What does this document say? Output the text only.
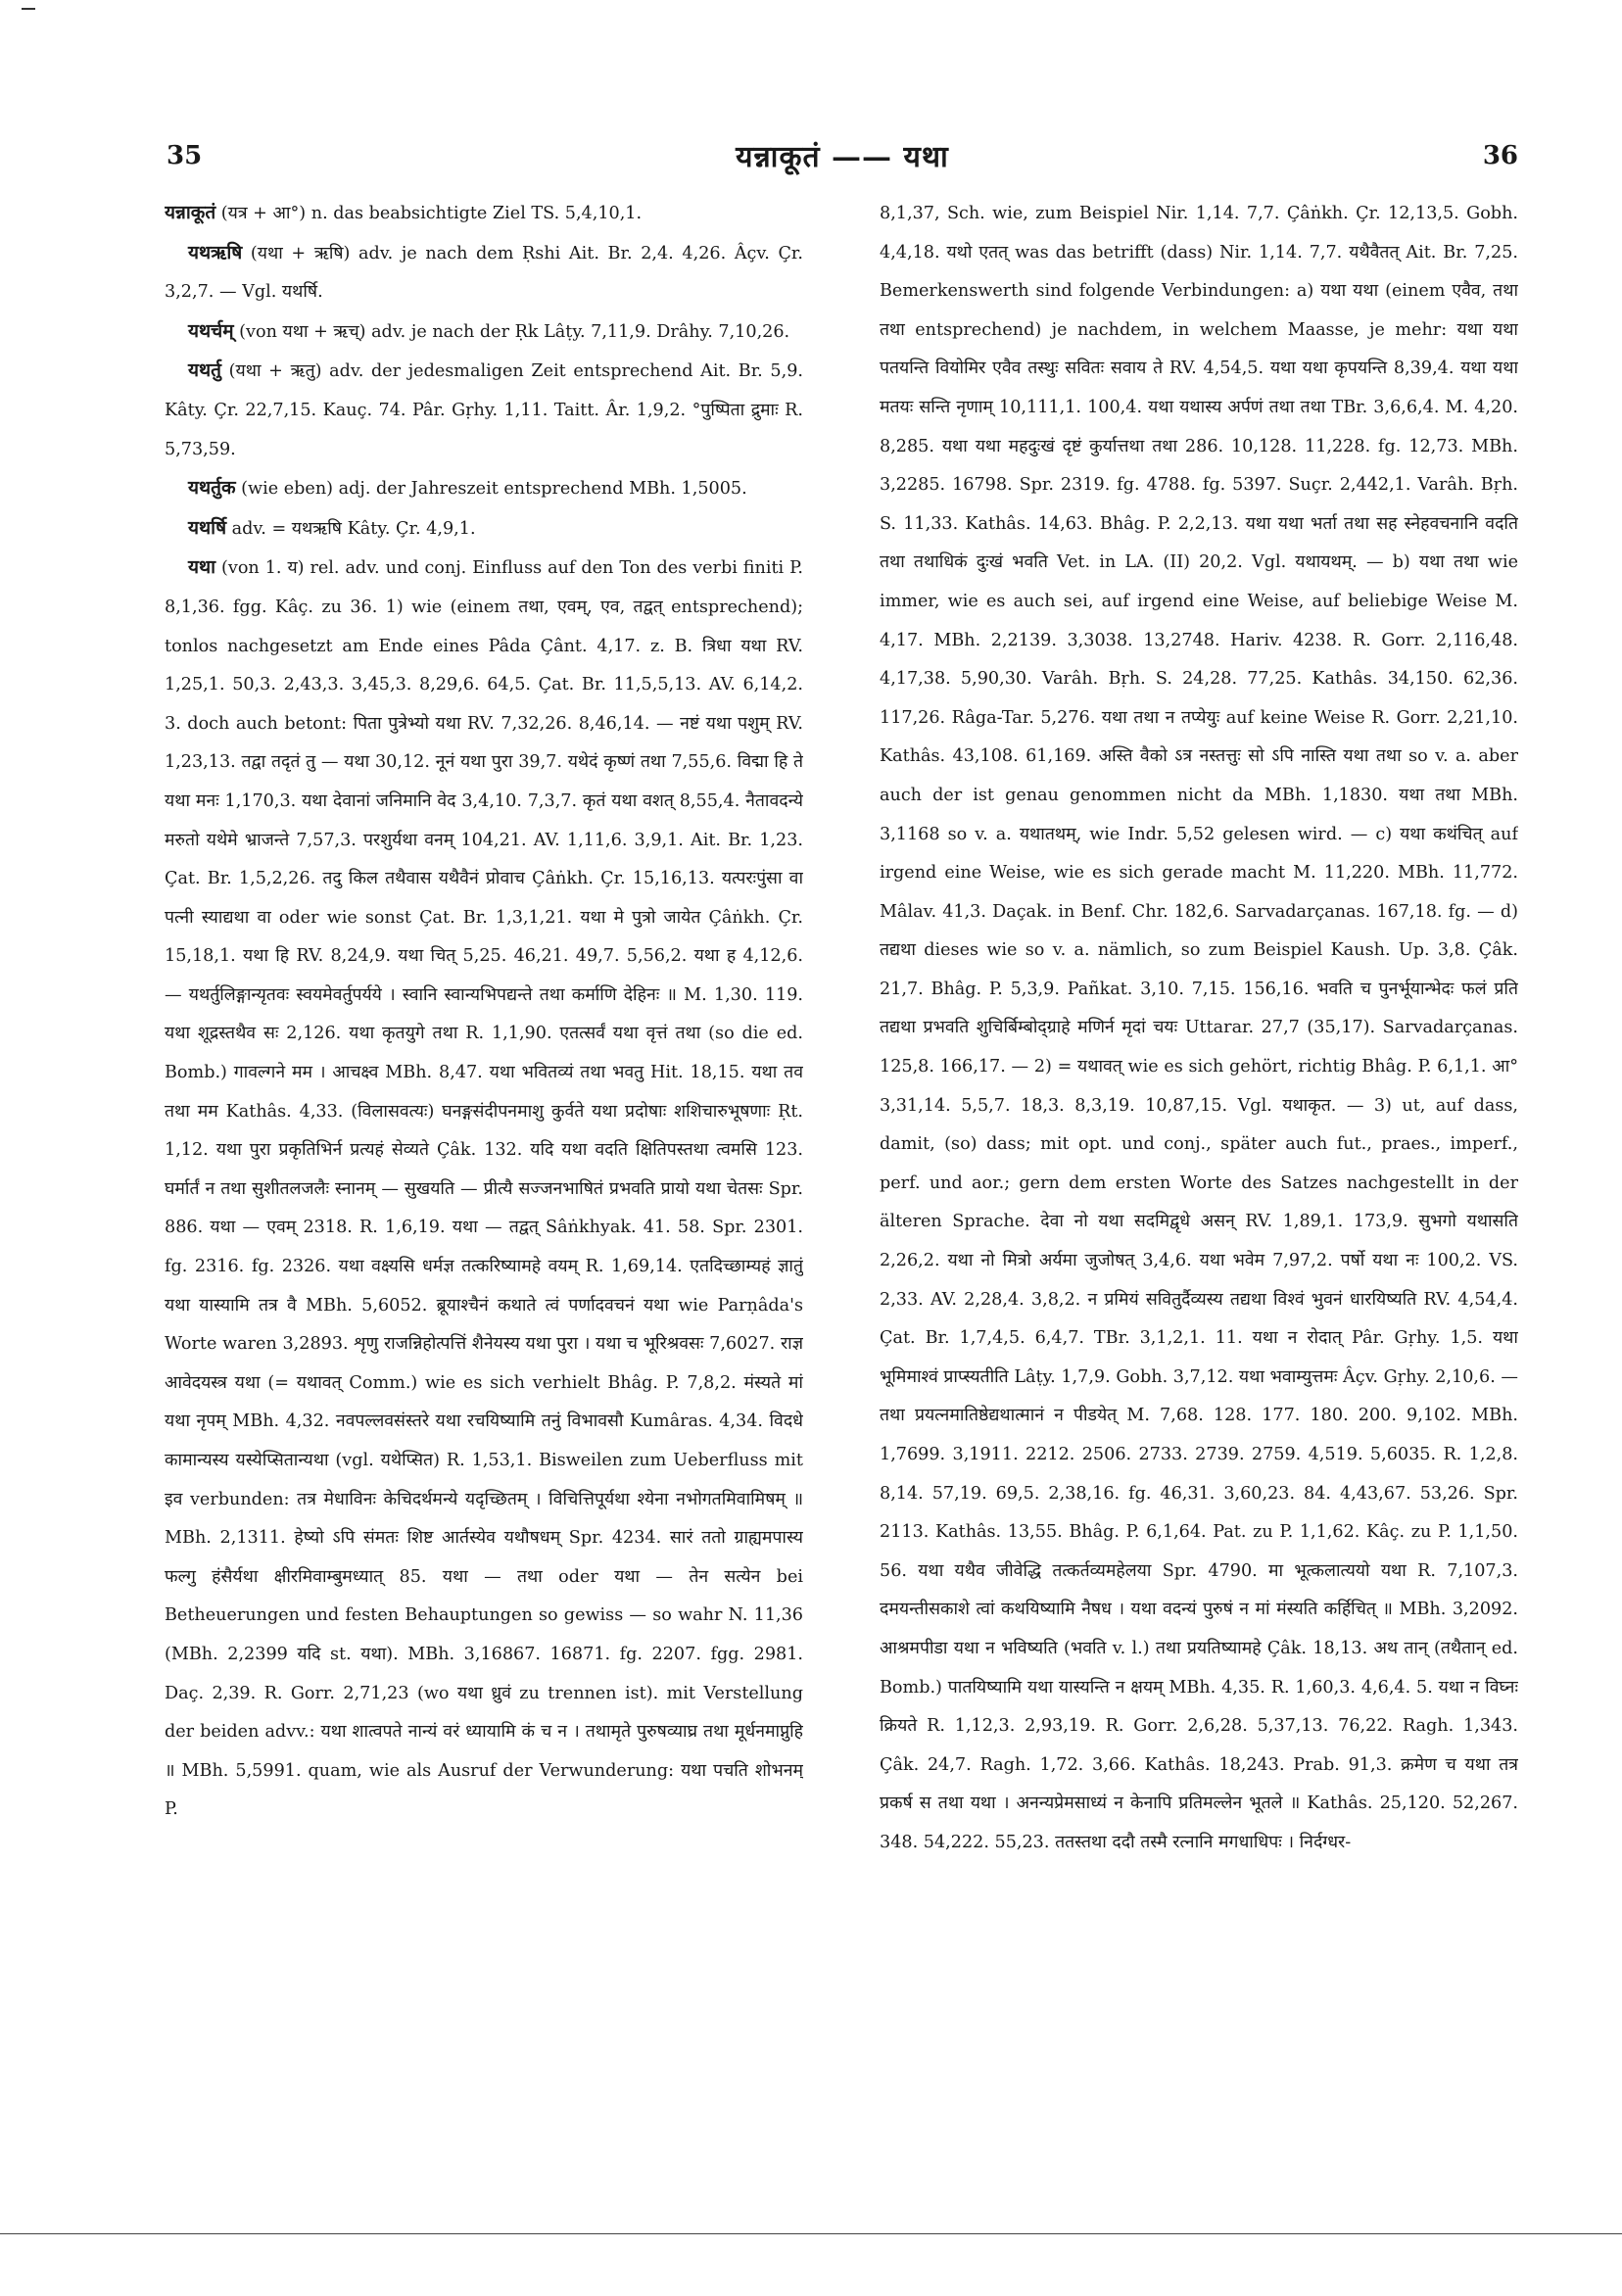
35	यन्नाकूतं —— यथा	36

यन्नाकूतं (यत्र + आ°) n. das beabsichtigte Ziel TS. 5,4,10,1.

यथऋषि (यथा + ऋषि) adv. je nach dem Ṛshi Ait. Br. 2,4. 4,26. Âçv. Çr. 3,2,7. — Vgl. यथर्षि.

यथर्चम् (von यथा + ऋच्) adv. je nach der Ṛk Lâṭy. 7,11,9. Drâhy. 7,10,26.

यथर्तु (यथा + ऋतु) adv. der jedesmaligen Zeit entsprechend Ait. Br. 5,9. Kâty. Çr. 22,7,15. Kauç. 74. Pâr. Gṛhy. 1,11. Taitt. Âr. 1,9,2. °पुष्पिता द्रुमाः R. 5,73,59.

यथर्तुक (wie eben) adj. der Jahreszeit entsprechend MBh. 1,5005.

यथर्षि adv. = यथऋषि Kâty. Çr. 4,9,1.

यथा (von 1. य) rel. adv. und conj. Einfluss auf den Ton des verbi finiti P. 8,1,36. fgg. Kâç. zu 36. 1) wie (einem तथा, एवम्, एव, तद्वत् entsprechend); tonlos nachgesetzt am Ende eines Pâda Çânt. 4,17. z. B. त्रिधा यथा RV. 1,25,1. 50,3. 2,43,3. 3,45,3. 8,29,6. 64,5. Çat. Br. 11,5,5,13. AV. 6,14,2. 3. doch auch betont: पिता पुत्रेभ्यो यथा RV. 7,32,26. 8,46,14. — नष्टं यथा पशुम् RV. 1,23,13. तद्वा तदृतं तु — यथा 30,12. नूनं यथा पुरा 39,7. यथेदं कृष्णं तथा 7,55,6. विद्मा हि ते यथा मनः 1,170,3. यथा देवानां जनिमानि वेद 3,4,10. 7,3,7. कृतं यथा वशत् 8,55,4. नैतावदन्ये मरुतो यथेमे भ्राजन्ते 7,57,3. परशुर्यथा वनम् 104,21. AV. 1,11,6. 3,9,1. Ait. Br. 1,23. Çat. Br. 1,5,2,26. तदु किल तथैवास यथैवैनं प्रोवाच Çâṅkh. Çr. 15,16,13. यत्परःपुंसा वा पत्नी स्याद्यथा वा oder wie sonst Çat. Br. 1,3,1,21. यथा मे पुत्रो जायेत Çâṅkh. Çr. 15,18,1. यथा हि RV. 8,24,9. यथा चित् 5,25. 46,21. 49,7. 5,56,2. यथा ह 4,12,6. — यथर्तुलिङ्गान्यृतवः स्वयमेवर्तुपर्यये । स्वानि स्वान्यभिपद्यन्ते तथा कर्माणि देहिनः ॥ M. 1,30. 119. यथा शूद्रस्तथैव सः 2,126. यथा कृतयुगे तथा R. 1,1,90. एतत्सर्वं यथा वृत्तं तथा (so die ed. Bomb.) गावल्गने मम । आचक्ष्व MBh. 8,47. यथा भवितव्यं तथा भवतु Hit. 18,15. यथा तव तथा मम Kathâs. 4,33. (विलासवत्यः) घनङ्गसंदीपनमाशु कुर्वते यथा प्रदोषाः शशिचारुभूषणाः Ṛt. 1,12. यथा पुरा प्रकृतिभिर्न प्रत्यहं सेव्यते Çâk. 132. यदि यथा वदति क्षितिपस्तथा त्वमसि 123. घर्मार्तं न तथा सुशीतलजलैः स्नानम् — सुखयति — प्रीत्यै सज्जनभाषितं प्रभवति प्रायो यथा चेतसः Spr. 886. यथा — एवम् 2318. R. 1,6,19. यथा — तद्वत् Sâṅkhyak. 41. 58. Spr. 2301. fg. 2316. fg. 2326. यथा वक्ष्यसि धर्मज्ञ तत्करिष्यामहे वयम् R. 1,69,14. एतदिच्छाम्यहं ज्ञातुं यथा यास्यामि तत्र वै MBh. 5,6052. ब्रूयाश्चैनं कथाते त्वं पर्णादवचनं यथा wie Parṇâda's Worte waren 3,2893. शृणु राजन्निहोत्पत्तिं शैनेयस्य यथा पुरा । यथा च भूरिश्रवसः 7,6027. राज्ञ आवेदयस्त्र यथा (= यथावत् Comm.) wie es sich verhielt Bhâg. P. 7,8,2. मंस्यते मां यथा नृपम् MBh. 4,32. नवपल्लवसंस्तरे यथा रचयिष्यामि तनुं विभावसौ Kumâras. 4,34. विदधे कामान्यस्य यस्येप्सितान्यथा (vgl. यथेप्सित) R. 1,53,1. Bisweilen zum Ueberfluss mit इव verbunden: तत्र मेधाविनः केचिदर्थमन्ये यदृच्छितम् । विचित्तिपूर्यथा श्येना नभोगतमिवामिषम् ॥ MBh. 2,1311. हेष्यो ऽपि संमतः शिष्ट आर्तस्येव यथौषधम् Spr. 4234. सारं ततो ग्राह्यमपास्य फल्गु हंसैर्यथा क्षीरमिवाम्बुमध्यात् 85. यथा — तथा oder यथा — तेन सत्येन bei Betheuerungen und festen Behauptungen so gewiss — so wahr N. 11,36 (MBh. 2,2399 यदि st. यथा). MBh. 3,16867. 16871. fg. 2207. fgg. 2981. Daç. 2,39. R. Gorr. 2,71,23 (wo यथा ध्रुवं zu trennen ist). mit Verstellung der beiden advv.: यथा शात्वपते नान्यं वरं ध्यायामि कं च न । तथामृते पुरुषव्याघ्र तथा मूर्धनमाप्नुहि ॥ MBh. 5,5991. quam, wie als Ausruf der Verwunderung: यथा पचति शोभनम् P.

8,1,37, Sch. wie, zum Beispiel Nir. 1,14. 7,7. Çâṅkh. Çr. 12,13,5. Gobh. 4,4,18. यथो एतत् was das betrifft (dass) Nir. 1,14. 7,7. यथैवैतत् Ait. Br. 7,25. Bemerkenswerth sind folgende Verbindungen: a) यथा यथा (einem एवैव, तथा तथा entsprechend) je nachdem, in welchem Maasse, je mehr: यथा यथा पतयन्ति वियोमिर एवैव तस्थुः सवितः सवाय ते RV. 4,54,5. यथा यथा कृपयन्ति 8,39,4. यथा यथा मतयः सन्ति नृणाम् 10,111,1. 100,4. यथा यथास्य अर्पणं तथा तथा TBr. 3,6,6,4. M. 4,20. 8,285. यथा यथा महदुःखं दृष्टं कुर्यात्तथा तथा 286. 10,128. 11,228. fg. 12,73. MBh. 3,2285. 16798. Spr. 2319. fg. 4788. fg. 5397. Suçr. 2,442,1. Varâh. Bṛh. S. 11,33. Kathâs. 14,63. Bhâg. P. 2,2,13. यथा यथा भर्ता तथा सह स्नेहवचनानि वदति तथा तथाधिकं दुःखं भवति Vet. in LA. (II) 20,2. Vgl. यथायथम्. — b) यथा तथा wie immer, wie es auch sei, auf irgend eine Weise, auf beliebige Weise M. 4,17. MBh. 2,2139. 3,3038. 13,2748. Hariv. 4238. R. Gorr. 2,116,48. 4,17,38. 5,90,30. Varâh. Bṛh. S. 24,28. 77,25. Kathâs. 34,150. 62,36. 117,26. Râga-Tar. 5,276. यथा तथा न तप्येयुः auf keine Weise R. Gorr. 2,21,10. Kathâs. 43,108. 61,169. अस्ति वैको ऽत्र नस्तत्तुः सो ऽपि नास्ति यथा तथा so v. a. aber auch der ist genau genommen nicht da MBh. 1,1830. यथा तथा MBh. 3,1168 so v. a. यथातथम्, wie Indr. 5,52 gelesen wird. — c) यथा कथंचित् auf irgend eine Weise, wie es sich gerade macht M. 11,220. MBh. 11,772. Mâlav. 41,3. Daçak. in Benf. Chr. 182,6. Sarvadarçanas. 167,18. fg. — d) तद्यथा dieses wie so v. a. nämlich, so zum Beispiel Kaush. Up. 3,8. Çâk. 21,7. Bhâg. P. 5,3,9. Pañkat. 3,10. 7,15. 156,16. भवति च पुनर्भूयान्भेदः फलं प्रति तद्यथा प्रभवति शुचिर्बिम्बोद्ग्राहे मणिर्न मृदां चयः Uttarar. 27,7 (35,17). Sarvadarçanas. 125,8. 166,17. — 2) = यथावत् wie es sich gehört, richtig Bhâg. P. 6,1,1. आ° 3,31,14. 5,5,7. 18,3. 8,3,19. 10,87,15. Vgl. यथाकृत. — 3) ut, auf dass, damit, (so) dass; mit opt. und conj., später auch fut., praes., imperf., perf. und aor.; gern dem ersten Worte des Satzes nachgestellt in der älteren Sprache. देवा नो यथा सदमिद्वृधे असन् RV. 1,89,1. 173,9. सुभगो यथासति 2,26,2. यथा नो मित्रो अर्यमा जुजोषत् 3,4,6. यथा भवेम 7,97,2. पर्षो यथा नः 100,2. VS. 2,33. AV. 2,28,4. 3,8,2. न प्रमियं सवितुर्दैव्यस्य तद्यथा विश्वं भुवनं धारयिष्यति RV. 4,54,4. Çat. Br. 1,7,4,5. 6,4,7. TBr. 3,1,2,1. 11. यथा न रोदात् Pâr. Gṛhy. 1,5. यथा भूमिमाश्वं प्राप्स्यतीति Lâṭy. 1,7,9. Gobh. 3,7,12. यथा भवाम्युत्तमः Âçv. Gṛhy. 2,10,6. — तथा प्रयत्नमातिष्ठेद्यथात्मानं न पीडयेत् M. 7,68. 128. 177. 180. 200. 9,102. MBh. 1,7699. 3,1911. 2212. 2506. 2733. 2739. 2759. 4,519. 5,6035. R. 1,2,8. 8,14. 57,19. 69,5. 2,38,16. fg. 46,31. 3,60,23. 84. 4,43,67. 53,26. Spr. 2113. Kathâs. 13,55. Bhâg. P. 6,1,64. Pat. zu P. 1,1,62. Kâç. zu P. 1,1,50. 56. यथा यथैव जीवेद्धि तत्कर्तव्यमहेलया Spr. 4790. मा भूत्कलात्ययो यथा R. 7,107,3. दमयन्तीसकाशे त्वां कथयिष्यामि नैषध । यथा वदन्यं पुरुषं न मां मंस्यति कर्हिचित् ॥ MBh. 3,2092. आश्रमपीडा यथा न भविष्यति (भवति v. l.) तथा प्रयतिष्यामहे Çâk. 18,13. अथ तान् (तथैतान् ed. Bomb.) पातयिष्यामि यथा यास्यन्ति न क्षयम् MBh. 4,35. R. 1,60,3. 4,6,4. 5. यथा न विघ्नः क्रियते R. 1,12,3. 2,93,19. R. Gorr. 2,6,28. 5,37,13. 76,22. Ragh. 1,343. Çâk. 24,7. Ragh. 1,72. 3,66. Kathâs. 18,243. Prab. 91,3. क्रमेण च यथा तत्र प्रकर्ष स तथा यथा । अनन्यप्रेमसाध्यं न केनापि प्रतिमल्लेन भूतले ॥ Kathâs. 25,120. 52,267. 348. 54,222. 55,23. ततस्तथा ददौ तस्मै रत्नानि मगधाधिपः । निर्दग्धर-
